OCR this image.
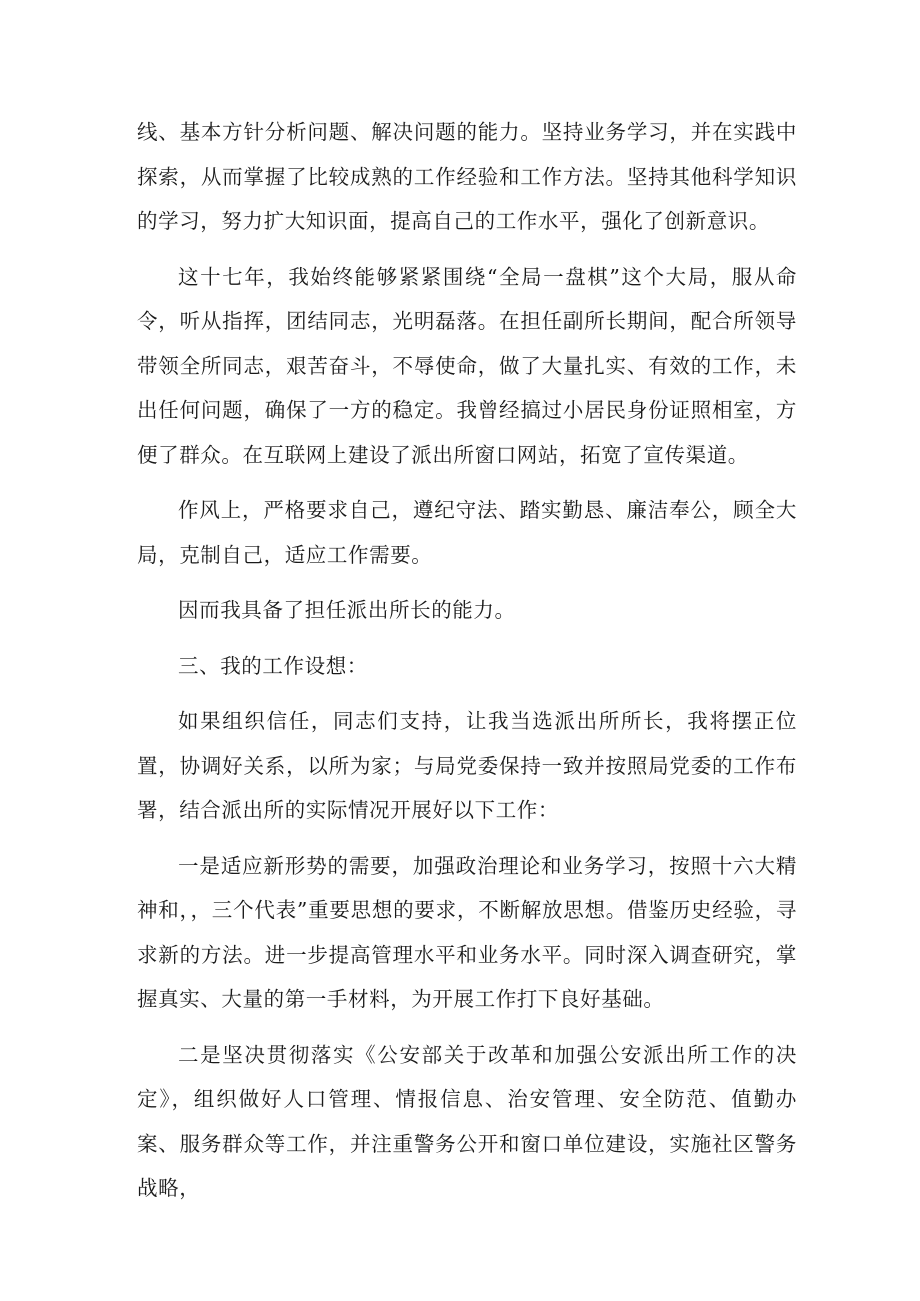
线、基本方针分析问题、解决问题的能力。坚持业务学习，并在实践中探索，从而掌握了比较成熟的工作经验和工作方法。坚持其他科学知识的学习，努力扩大知识面，提高自己的工作水平，强化了创新意识。

这十七年，我始终能够紧紧围绕“全局一盘棋”这个大局，服从命令，听从指挥，团结同志，光明磊落。在担任副所长期间，配合所领导带领全所同志，艰苦奋斗，不辱使命，做了大量扎实、有效的工作，未出任何问题，确保了一方的稳定。我曾经搞过小居民身份证照相室，方便了群众。在互联网上建设了派出所窗口网站，拓宽了宣传渠道。

作风上，严格要求自己，遵纪守法、踏实勤恳、廉洁奉公，顾全大局，克制自己，适应工作需要。

因而我具备了担任派出所长的能力。

三、我的工作设想：

如果组织信任，同志们支持，让我当选派出所所长，我将摆正位置，协调好关系，以所为家；与局党委保持一致并按照局党委的工作布署，结合派出所的实际情况开展好以下工作：

一是适应新形势的需要，加强政治理论和业务学习，按照十六大精神和，，三个代表”重要思想的要求，不断解放思想。借鉴历史经验，寻求新的方法。进一步提高管理水平和业务水平。同时深入调查研究，掌握真实、大量的第一手材料，为开展工作打下良好基础。

二是坚决贯彻落实《公安部关于改革和加强公安派出所工作的决定》，组织做好人口管理、情报信息、治安管理、安全防范、值勤办案、服务群众等工作，并注重警务公开和窗口单位建设，实施社区警务战略，
